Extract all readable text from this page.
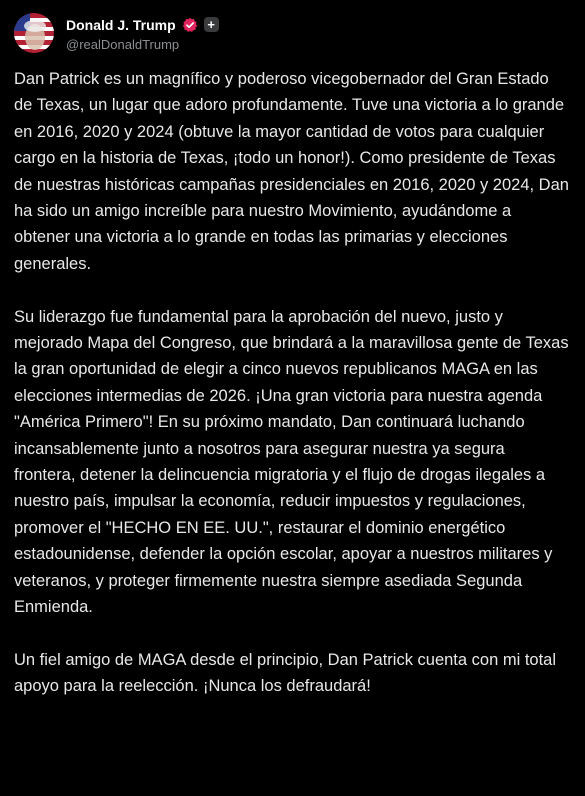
Donald J. Trump +
@realDonaldTrump

Dan Patrick es un magnífico y poderoso vicegobernador del Gran Estado de Texas, un lugar que adoro profundamente. Tuve una victoria a lo grande en 2016, 2020 y 2024 (obtuve la mayor cantidad de votos para cualquier cargo en la historia de Texas, ¡todo un honor!). Como presidente de Texas de nuestras históricas campañas presidenciales en 2016, 2020 y 2024, Dan ha sido un amigo increíble para nuestro Movimiento, ayudándome a obtener una victoria a lo grande en todas las primarias y elecciones generales.

Su liderazgo fue fundamental para la aprobación del nuevo, justo y mejorado Mapa del Congreso, que brindará a la maravillosa gente de Texas la gran oportunidad de elegir a cinco nuevos republicanos MAGA en las elecciones intermedias de 2026. ¡Una gran victoria para nuestra agenda "América Primero"! En su próximo mandato, Dan continuará luchando incansablemente junto a nosotros para asegurar nuestra ya segura frontera, detener la delincuencia migratoria y el flujo de drogas ilegales a nuestro país, impulsar la economía, reducir impuestos y regulaciones, promover el "HECHO EN EE. UU.", restaurar el dominio energético estadounidense, defender la opción escolar, apoyar a nuestros militares y veteranos, y proteger firmemente nuestra siempre asediada Segunda Enmienda.

Un fiel amigo de MAGA desde el principio, Dan Patrick cuenta con mi total apoyo para la reelección. ¡Nunca los defraudará!
